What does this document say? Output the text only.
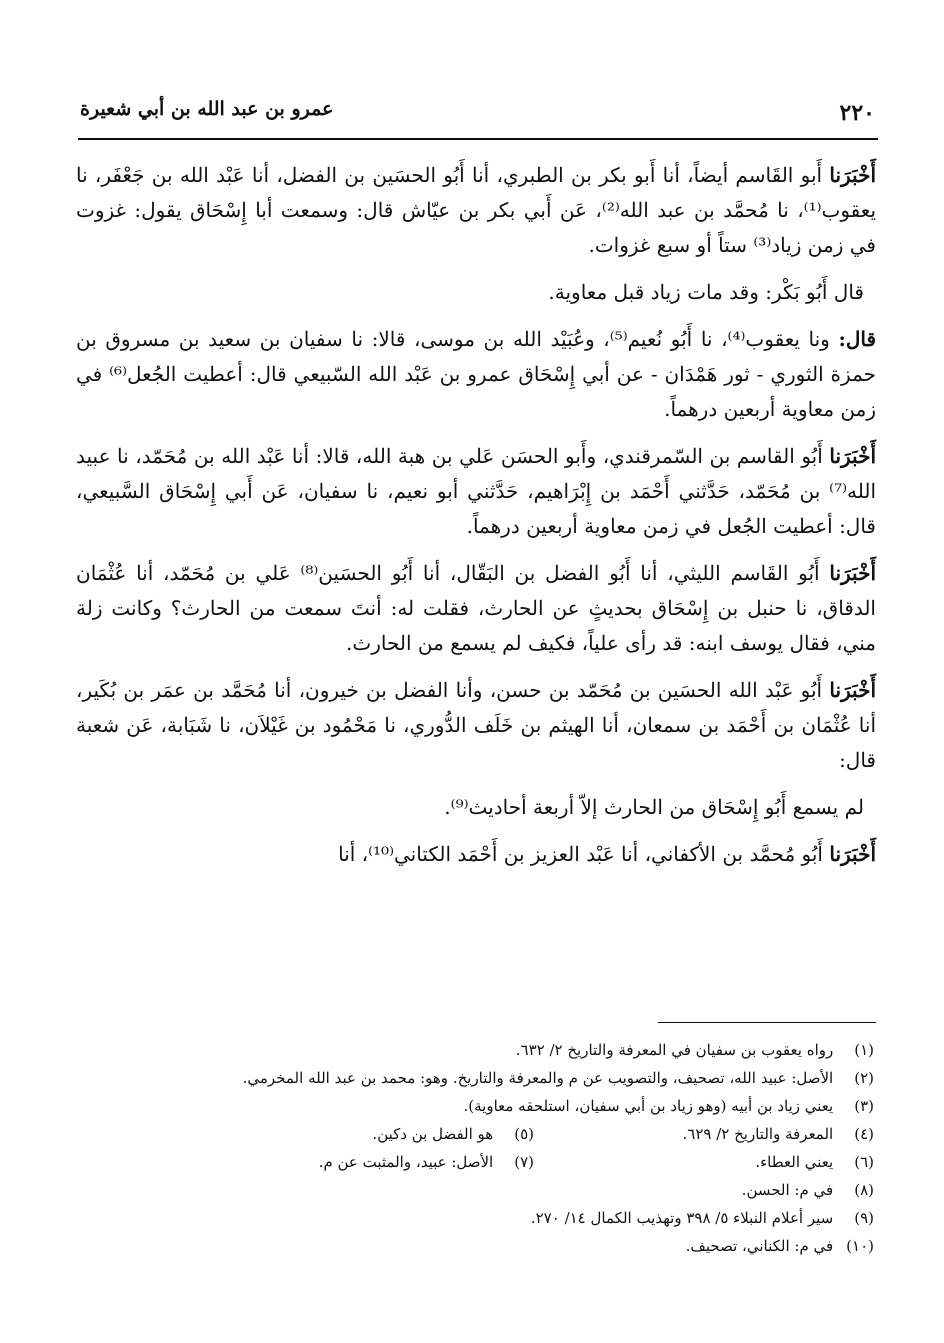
٢٢٠
عمرو بن عبد الله بن أبي شعيرة

أَخْبَرَنا أَبو القَاسم أيضاً، أنا أَبو بكر بن الطبري، أنا أَبُو الحسَين بن الفضل، أنا عَبْد الله بن جَعْفَر، نا يعقوب⁽¹⁾، نا مُحمَّد بن عبد الله⁽²⁾، عَن أَبي بكر بن عيّاش قال: وسمعت أبا إِسْحَاق يقول: غزوت في زمن زياد⁽³⁾ ستاً أو سبع غزوات.

قال أَبُو بَكْر: وقد مات زياد قبل معاوية.

قال: ونا يعقوب⁽⁴⁾، نا أَبُو نُعيم⁽⁵⁾، وعُبَيْد الله بن موسى، قالا: نا سفيان بن سعيد بن مسروق بن حمزة الثوري - ثور هَمْدَان - عن أبي إِسْحَاق عمرو بن عَبْد الله السّبيعي قال: أعطيت الجُعل⁽⁶⁾ في زمن معاوية أربعين درهماً.

أَخْبَرَنا أَبُو القاسم بن السّمرقندي، وأَبو الحسَن عَلي بن هبة الله، قالا: أنا عَبْد الله بن مُحَمّد، نا عبيد الله⁽⁷⁾ بن مُحَمّد، حَدَّثني أَحْمَد بن إِبْرَاهيم، حَدَّثني أبو نعيم، نا سفيان، عَن أَبي إِسْحَاق السَّبيعي، قال: أعطيت الجُعل في زمن معاوية أربعين درهماً.

أَخْبَرَنا أَبُو القَاسم الليثي، أنا أَبُو الفضل بن البَقّال، أنا أَبُو الحسَين⁽⁸⁾ عَلي بن مُحَمّد، أنا عُثْمَان الدقاق، نا حنبل بن إِسْحَاق بحديثٍ عن الحارث، فقلت له: أنتَ سمعت من الحارث؟ وكانت زلة مني، فقال يوسف ابنه: قد رأى علياً، فكيف لم يسمع من الحارث.

أَخْبَرَنا أَبُو عَبْد الله الحسَين بن مُحَمّد بن حسن، وأنا الفضل بن خيرون، أنا مُحَمَّد بن عمَر بن بُكَير، أنا عُثْمَان بن أَحْمَد بن سمعان، أنا الهيثم بن خَلَف الدُّوري، نا مَحْمُود بن غَيْلاَن، نا شَبَابة، عَن شعبة قال:

لم يسمع أَبُو إِسْحَاق من الحارث إلاّ أربعة أحاديث⁽⁹⁾.

أَخْبَرَنا أَبُو مُحمَّد بن الأكفاني، أنا عَبْد العزيز بن أَحْمَد الكتاني⁽¹⁰⁾، أنا

(١) رواه يعقوب بن سفيان في المعرفة والتاريخ ٢/ ٦٣٢.
(٢) الأصل: عبيد الله، تصحيف، والتصويب عن م والمعرفة والتاريخ. وهو: محمد بن عبد الله المخرمي.
(٣) يعني زياد بن أبيه (وهو زياد بن أبي سفيان، استلحقه معاوية).
(٤) المعرفة والتاريخ ٢/ ٦٢٩.
(٥) هو الفضل بن دكين.
(٦) يعني العطاء.
(٧) الأصل: عبيد، والمثبت عن م.
(٨) في م: الحسن.
(٩) سير أعلام النبلاء ٥/ ٣٩٨ وتهذيب الكمال ١٤/ ٢٧٠.
(١٠) في م: الكناني، تصحيف.
